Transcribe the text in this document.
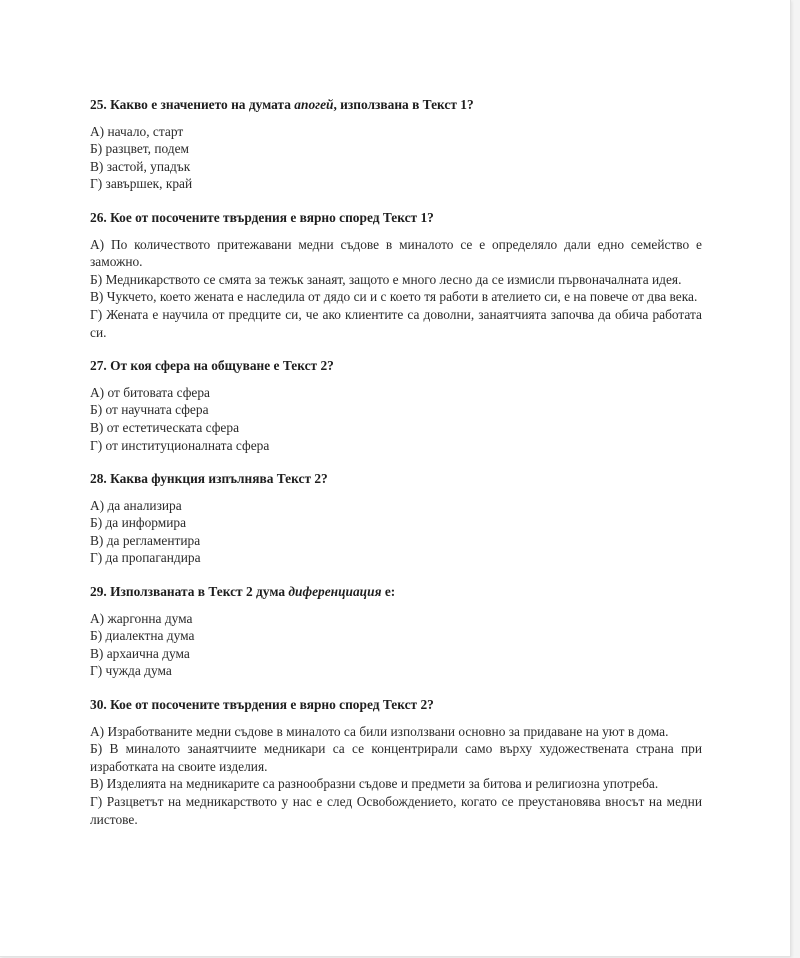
25. Какво е значението на думата апогей, използвана в Текст 1?

А) начало, старт

Б) разцвет, подем

В) застой, упадък

Г) завършек, край

26. Кое от посочените твърдения е вярно според Текст 1?

А) По количеството притежавани медни съдове в миналото се е определяло дали едно семейство е заможно.

Б) Медникарството се смята за тежък занаят, защото е много лесно да се измисли първоначалната идея.

В) Чукчето, което жената е наследила от дядо си и с което тя работи в ателието си, е на повече от два века.

Г) Жената е научила от предците си, че ако клиентите са доволни, занаятчията започва да обича работата си.

27. От коя сфера на общуване е Текст 2?

А) от битовата сфера

Б) от научната сфера

В) от естетическата сфера

Г) от институционалната сфера

28. Каква функция изпълнява Текст 2?

А) да анализира

Б) да информира

В) да регламентира

Г) да пропагандира

29. Използваната в Текст 2 дума диференциация е:

А) жаргонна дума

Б) диалектна дума

В) архаична дума

Г) чужда дума

30. Кое от посочените твърдения е вярно според Текст 2?

А) Изработваните медни съдове в миналото са били използвани основно за придаване на уют в дома.

Б) В миналото занаятчиите медникари са се концентрирали само върху художествената страна при изработката на своите изделия.

В) Изделията на медникарите са разнообразни съдове и предмети за битова и религиозна употреба.

Г) Разцветът на медникарството у нас е след Освобождението, когато се преустановява вносът на медни листове.
